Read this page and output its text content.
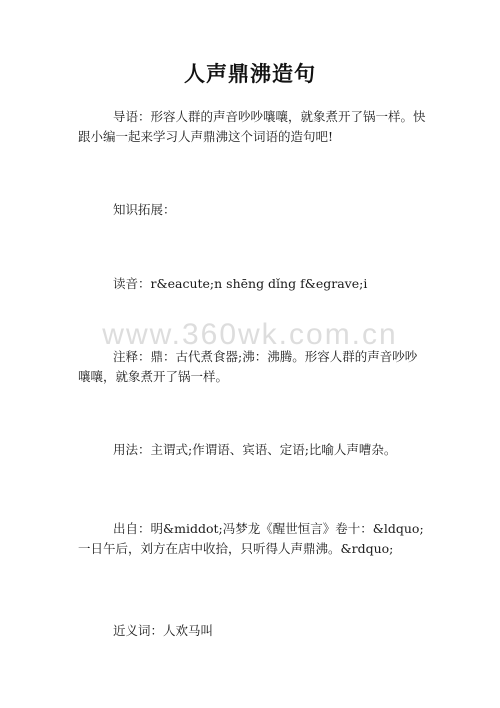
人声鼎沸造句
导语：形容人群的声音吵吵嚷嚷，就象煮开了锅一样。快跟小编一起来学习人声鼎沸这个词语的造句吧!
知识拓展：
读音：r&eacute;n shēng dǐng f&egrave;i
注释：鼎：古代煮食器;沸：沸腾。形容人群的声音吵吵嚷嚷，就象煮开了锅一样。
用法：主谓式;作谓语、宾语、定语;比喻人声嘈杂。
出自：明&middot;冯梦龙《醒世恒言》卷十：&ldquo;一日午后，刘方在店中收拾，只听得人声鼎沸。&rdquo;
近义词：人欢马叫
www.360wk.com.cn
